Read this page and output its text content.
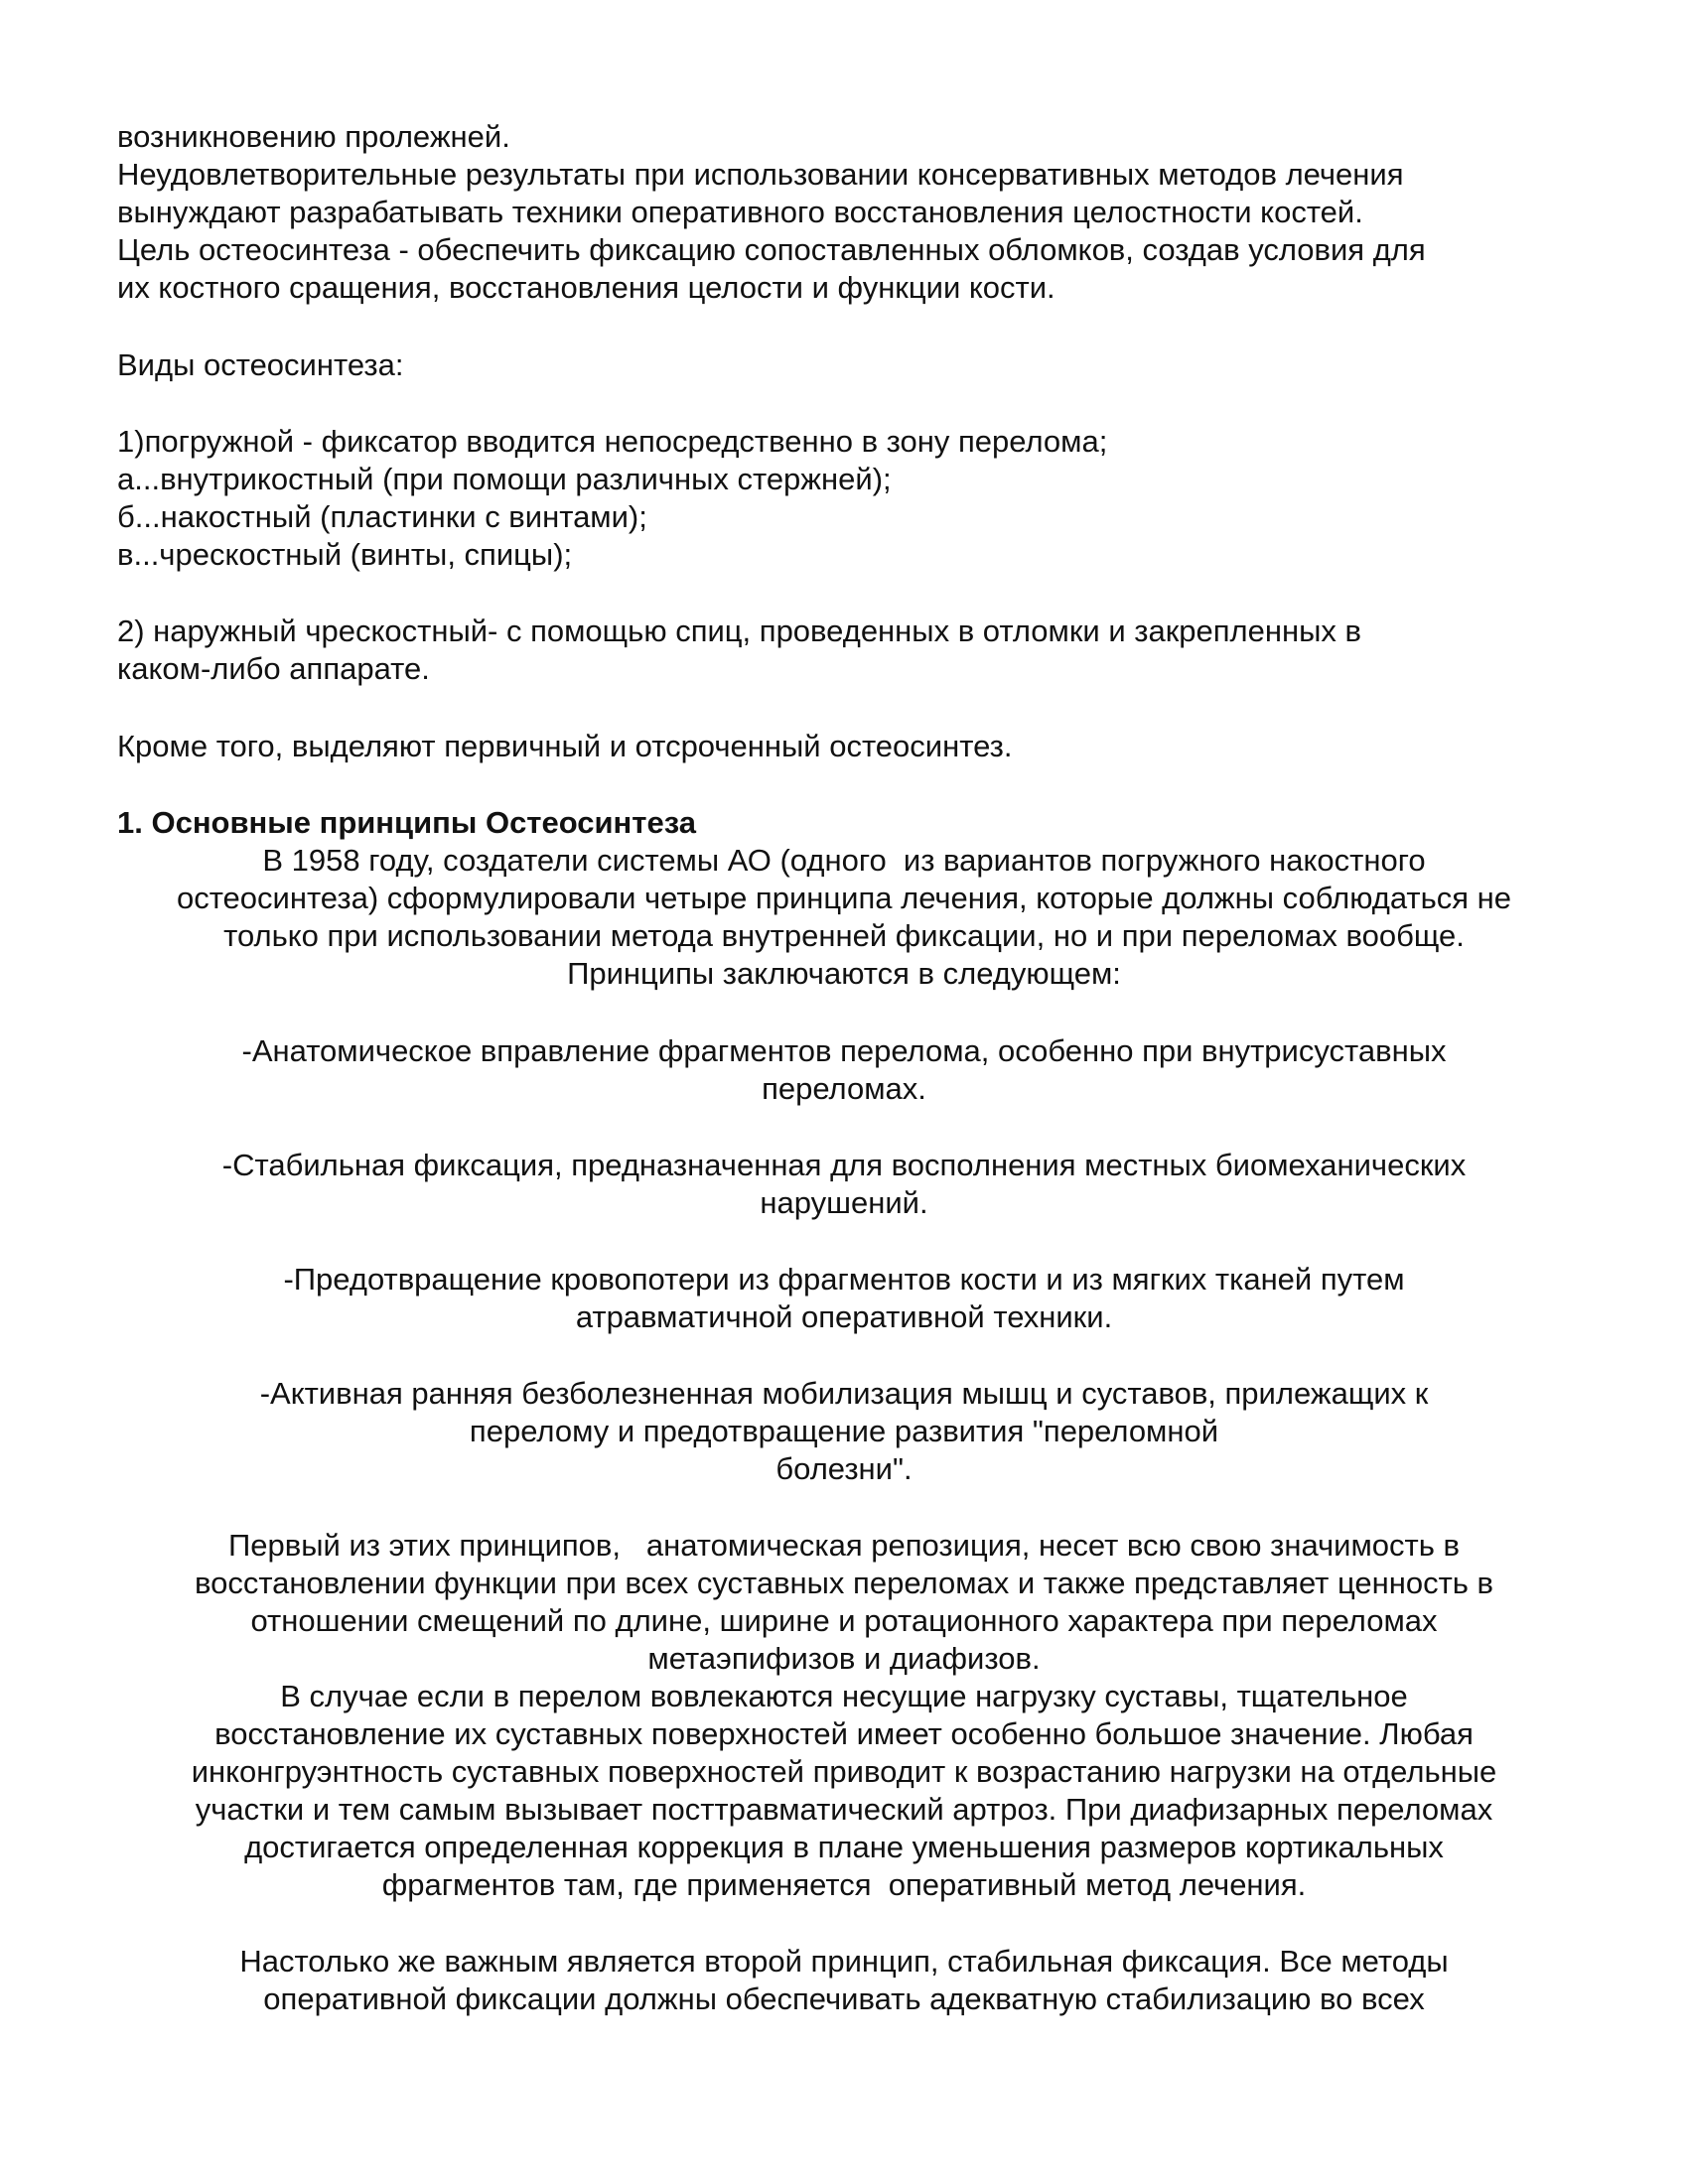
возникновению пролежней.
Неудовлетворительные результаты при использовании консервативных методов лечения
вынуждают разрабатывать техники оперативного восстановления целостности костей.
Цель остеосинтеза - обеспечить фиксацию сопоставленных обломков, создав условия для
их костного сращения, восстановления целости и функции кости.
Виды остеосинтеза:
1)погружной - фиксатор вводится непосредственно в зону перелома;
а...внутрикостный (при помощи различных стержней);
б...накостный (пластинки с винтами);
в...чрескостный (винты, спицы);
2) наружный чрескостный- с помощью спиц, проведенных в отломки и закрепленных в
каком-либо аппарате.
Кроме того, выделяют первичный и отсроченный остеосинтез.
1. Основные принципы Остеосинтеза
В 1958 году, создатели системы АО (одного  из вариантов погружного накостного
остеосинтеза) сформулировали четыре принципа лечения, которые должны соблюдаться не
только при использовании метода внутренней фиксации, но и при переломах вообще.
Принципы заключаются в следующем:
-Анатомическое вправление фрагментов перелома, особенно при внутрисуставных
переломах.
-Стабильная фиксация, предназначенная для восполнения местных биомеханических
нарушений.
-Предотвращение кровопотери из фрагментов кости и из мягких тканей путем
атравматичной оперативной техники.
-Активная ранняя безболезненная мобилизация мышц и суставов, прилежащих к
перелому и предотвращение развития "переломной
болезни".
Первый из этих принципов,   анатомическая репозиция, несет всю свою значимость в
восстановлении функции при всех суставных переломах и также представляет ценность в
отношении смещений по длине, ширине и ротационного характера при переломах
метаэпифизов и диафизов.
В случае если в перелом вовлекаются несущие нагрузку суставы, тщательное
восстановление их суставных поверхностей имеет особенно большое значение. Любая
инконгруэнтность суставных поверхностей приводит к возрастанию нагрузки на отдельные
участки и тем самым вызывает посттравматический артроз. При диафизарных переломах
достигается определенная коррекция в плане уменьшения размеров кортикальных
фрагментов там, где применяется  оперативный метод лечения.
Настолько же важным является второй принцип, стабильная фиксация. Все методы
оперативной фиксации должны обеспечивать адекватную стабилизацию во всех
